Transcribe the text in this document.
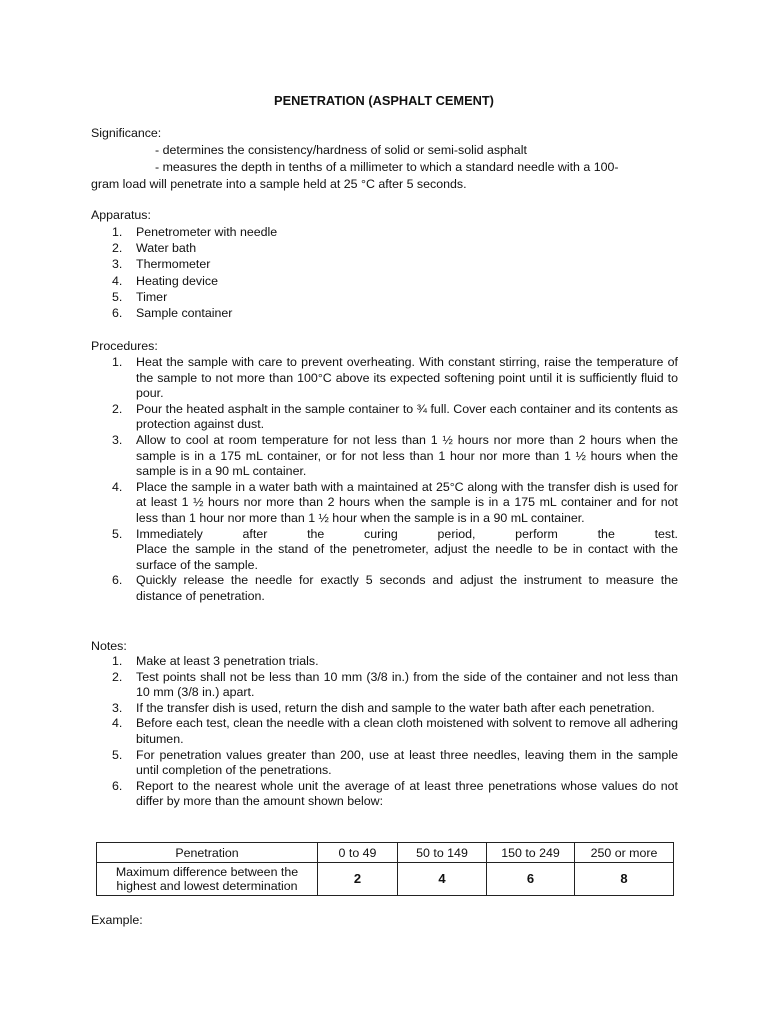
PENETRATION (ASPHALT CEMENT)
Significance:
- determines the consistency/hardness of solid or semi-solid asphalt
- measures the depth in tenths of a millimeter to which a standard needle with a 100-
gram load will penetrate into a sample held at 25 °C after 5 seconds.
Apparatus:
1. Penetrometer with needle
2. Water bath
3. Thermometer
4. Heating device
5. Timer
6. Sample container
Procedures:
1. Heat the sample with care to prevent overheating. With constant stirring, raise the temperature of the sample to not more than 100°C above its expected softening point until it is sufficiently fluid to pour.
2. Pour the heated asphalt in the sample container to ¾ full. Cover each container and its contents as protection against dust.
3. Allow to cool at room temperature for not less than 1 ½ hours nor more than 2 hours when the sample is in a 175 mL container, or for not less than 1 hour nor more than 1 ½ hours when the sample is in a 90 mL container.
4. Place the sample in a water bath with a maintained at 25°C along with the transfer dish is used for at least 1 ½ hours nor more than 2 hours when the sample is in a 175 mL container and for not less than 1 hour nor more than 1 ½ hour when the sample is in a 90 mL container.
5. Immediately after the curing period, perform the test.
Place the sample in the stand of the penetrometer, adjust the needle to be in contact with the surface of the sample.
6. Quickly release the needle for exactly 5 seconds and adjust the instrument to measure the distance of penetration.
Notes:
1. Make at least 3 penetration trials.
2. Test points shall not be less than 10 mm (3/8 in.) from the side of the container and not less than 10 mm (3/8 in.) apart.
3. If the transfer dish is used, return the dish and sample to the water bath after each penetration.
4. Before each test, clean the needle with a clean cloth moistened with solvent to remove all adhering bitumen.
5. For penetration values greater than 200, use at least three needles, leaving them in the sample until completion of the penetrations.
6. Report to the nearest whole unit the average of at least three penetrations whose values do not differ by more than the amount shown below:
Penetration	0 to 49	50 to 149	150 to 249	250 or more

Maximum difference between the
highest and lowest determination	2	4	6	8
Example:
